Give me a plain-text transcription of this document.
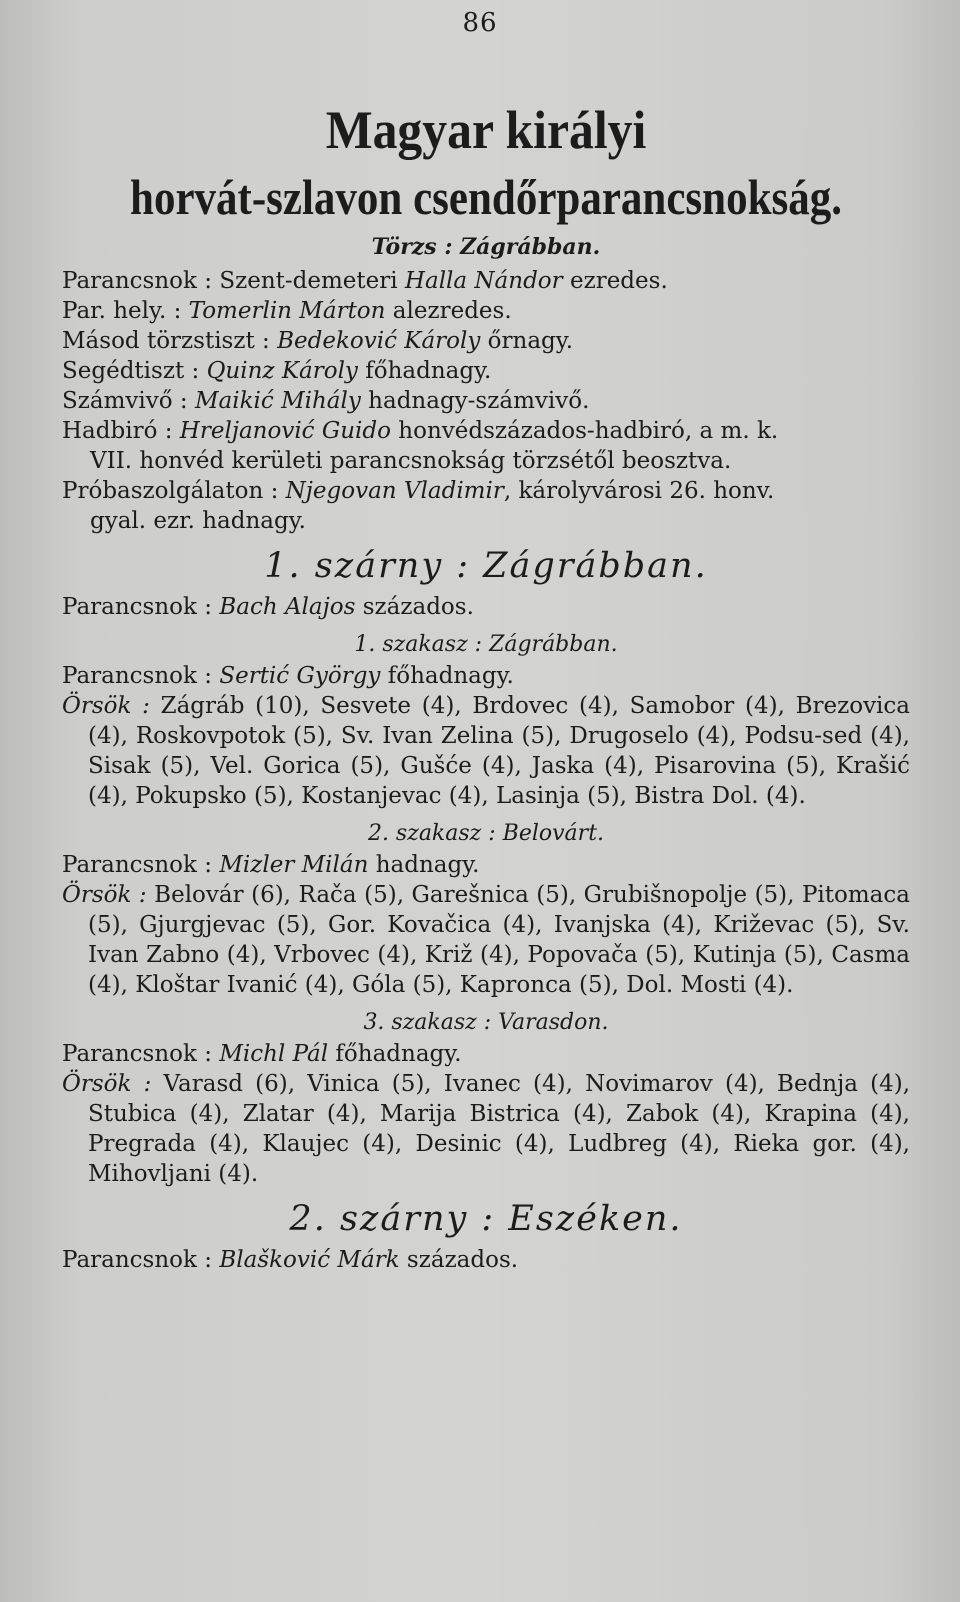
86
Magyar királyi
horvát-szlavon csendőrparancsnokság.
Törzs : Zágrábban.

Parancsnok : Szent-demeteri Halla Nándor ezredes.

Par. hely. : Tomerlin Márton alezredes.

Másod törzstiszt : Bedeković Károly őrnagy.

Segédtiszt : Quinz Károly főhadnagy.

Számvivő : Maikić Mihály hadnagy-számvivő.

Hadbiró : Hreljanović Guido honvédszázados-hadbiró, a m. k.

VII. honvéd kerületi parancsnokság törzsétől beosztva.

Próbaszolgálaton : Njegovan Vladimir, károlyvárosi 26. honv.

gyal. ezr. hadnagy.

1. szárny : Zágrábban.

Parancsnok : Bach Alajos százados.

1. szakasz : Zágrábban.

Parancsnok : Sertić György főhadnagy.

Örsök : Zágráb (10), Sesvete (4), Brdovec (4), Samobor (4), Brezovica (4), Roskovpotok (5), Sv. Ivan Zelina (5), Drugoselo (4), Podsu-sed (4), Sisak (5), Vel. Gorica (5), Gušće (4), Jaska (4), Pisarovina (5), Krašić (4), Pokupsko (5), Kostanjevac (4), Lasinja (5), Bistra Dol. (4).

2. szakasz : Belovárt.

Parancsnok : Mizler Milán hadnagy.

Örsök : Belovár (6), Rača (5), Garešnica (5), Grubišnopolje (5), Pitomaca (5), Gjurgjevac (5), Gor. Kovačica (4), Ivanjska (4), Križevac (5), Sv. Ivan Zabno (4), Vrbovec (4), Križ (4), Popovača (5), Kutinja (5), Casma (4), Kloštar Ivanić (4), Góla (5), Kapronca (5), Dol. Mosti (4).

3. szakasz : Varasdon.

Parancsnok : Michl Pál főhadnagy.

Örsök : Varasd (6), Vinica (5), Ivanec (4), Novimarov (4), Bednja (4), Stubica (4), Zlatar (4), Marija Bistrica (4), Zabok (4), Krapina (4), Pregrada (4), Klaujec (4), Desinic (4), Ludbreg (4), Rieka gor. (4), Mihovljani (4).

2. szárny : Eszéken.

Parancsnok : Blašković Márk százados.
